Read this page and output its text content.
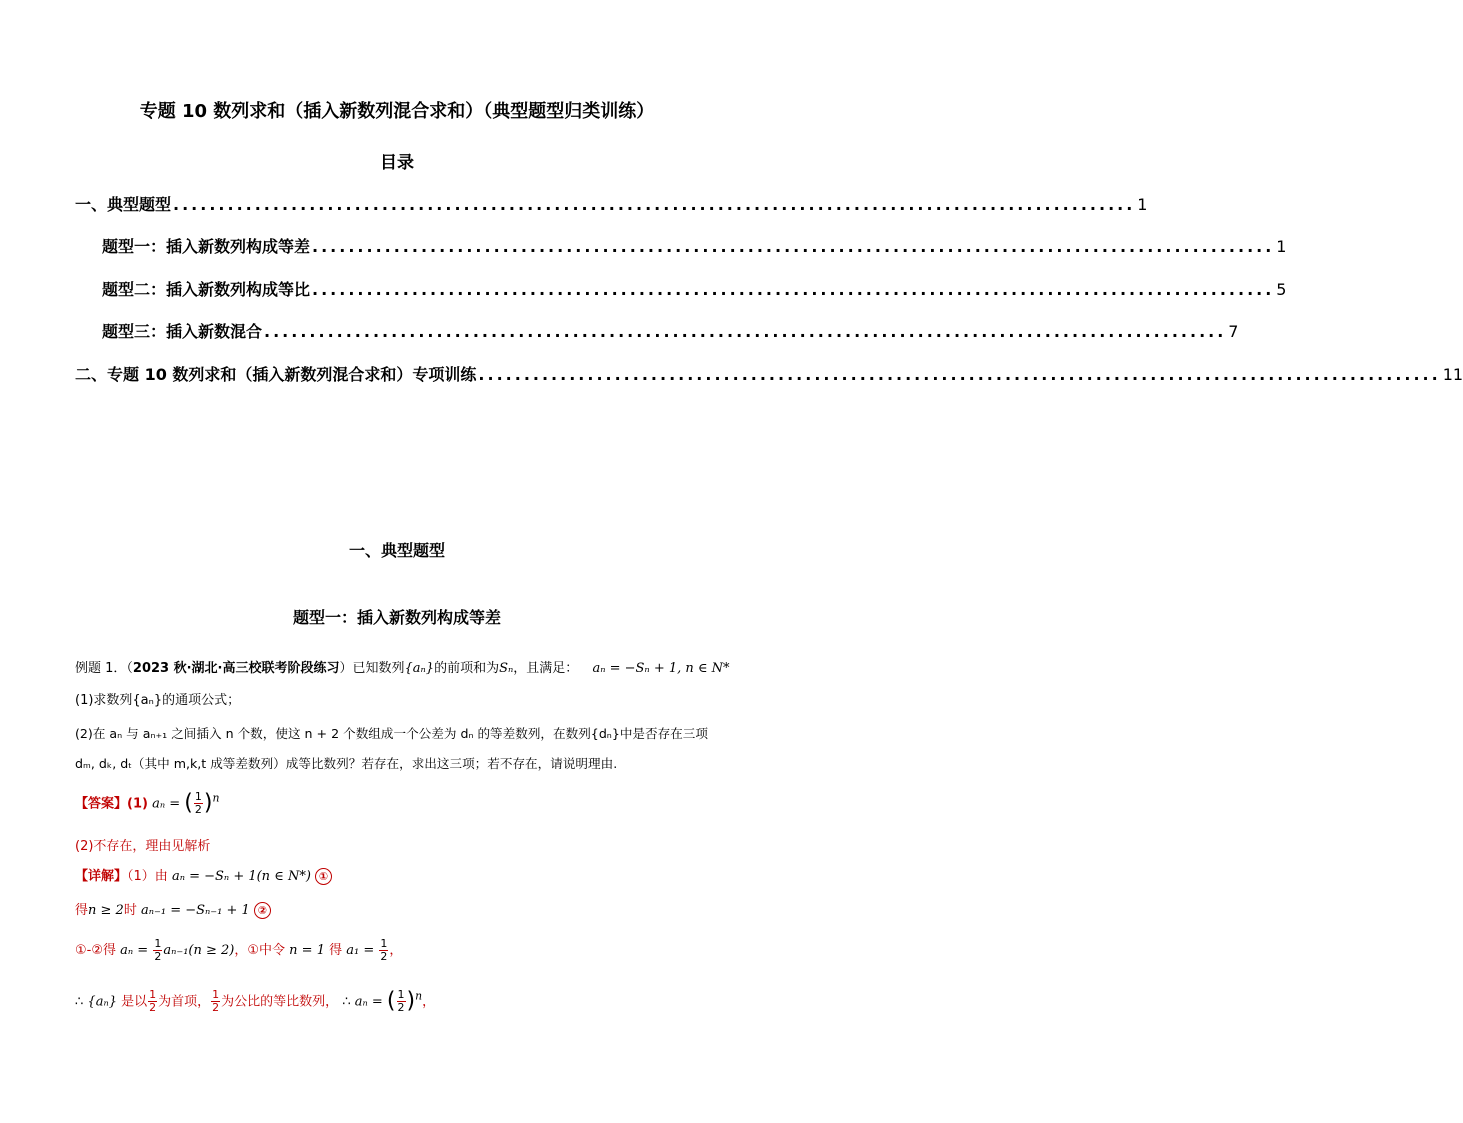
专题 10 数列求和（插入新数列混合求和）（典型题型归类训练）
目录
一、典型题型 .......................................................................................................... 1
题型一：插入新数列构成等差 .......................................................................................................... 1
题型二：插入新数列构成等比 .......................................................................................................... 5
题型三：插入新数混合 .......................................................................................................... 7
二、专题 10 数列求和（插入新数列混合求和）专项训练 .......................................................................................................... 11
一、典型题型
题型一：插入新数列构成等差
例题 1．（2023 秋·湖北·高三校联考阶段练习）已知数列{aₙ}的前项和为Sₙ，且满足： aₙ = −Sₙ + 1, n ∈ N*
(1)求数列{aₙ}的通项公式；
(2)在 aₙ 与 aₙ₊₁ 之间插入 n 个数，使这 n + 2 个数组成一个公差为 dₙ 的等差数列，在数列{dₙ}中是否存在三项
dₘ, dₖ, dₜ（其中 m,k,t 成等差数列）成等比数列？若存在，求出这三项；若不存在，请说明理由.
【答案】(1) aₙ = ( $\frac{1}{2} )^n$
(2)不存在，理由见解析
【详解】（1）由 aₙ = −Sₙ + 1(n ∈ N*) ①
得n ≥ 2时 aₙ₋₁ = −Sₙ₋₁ + 1 ②
①-②得 $a_n = \frac{1}{2} a_{n-1}(n \ge 2)$，①中令 n = 1 得 $a_1 = \frac{1}{2}$ ，
∴ {aₙ} 是以 $\frac{1}{2}$ 为首项， $\frac{1}{2}$ 为公比的等比数列， ∴ aₙ = ( $\frac{1}{2} )^n$，
